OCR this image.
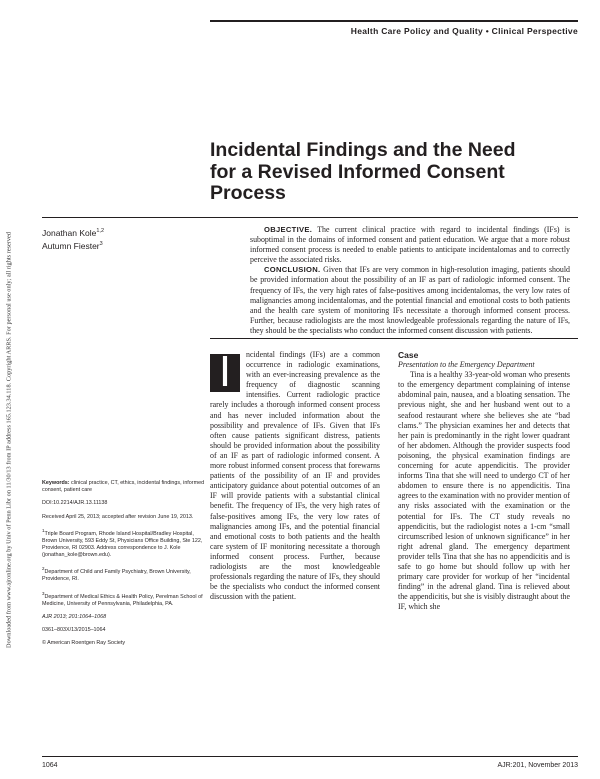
Health Care Policy and Quality • Clinical Perspective
Downloaded from www.ajronline.org by Univ of Penn Libr on 11/30/13 from IP address 165.123.34.118. Copyright ARRS. For personal use only; all rights reserved
Incidental Findings and the Need for a Revised Informed Consent Process
Jonathan Kole$^{1,2}$
Autumn Fiester$^3$

OBJECTIVE. The current clinical practice with regard to incidental findings (IFs) is suboptimal in the domains of informed consent and patient education. We argue that a more robust informed consent process is needed to enable patients to anticipate incidentalomas and to correctly perceive the associated risks.

CONCLUSION. Given that IFs are very common in high-resolution imaging, patients should be provided information about the possibility of an IF as part of radiologic informed consent. The frequency of IFs, the very high rates of false-positives among incidentalomas, the very low rates of malignancies among incidentalomas, and the potential financial and emotional costs to both patients and the health care system of monitoring IFs necessitate a thorough informed consent process. Further, because radiologists are the most knowledgeable professionals regarding the nature of IFs, they should be the specialists who conduct the informed consent discussion with patients.

Keywords: clinical practice, CT, ethics, incidental findings, informed consent, patient care

DOI:10.2214/AJR.13.11138

Received April 25, 2013; accepted after revision June 19, 2013.

$^1$Triple Board Program, Rhode Island Hospital/Bradley Hospital, Brown University, 593 Eddy St, Physicians Office Building, Ste 122, Providence, RI 02903. Address correspondence to J. Kole (jonathan_kole@brown.edu).

$^2$Department of Child and Family Psychiatry, Brown University, Providence, RI.

$^3$Department of Medical Ethics & Health Policy, Perelman School of Medicine, University of Pennsylvania, Philadelphia, PA.

AJR 2013; 201:1064–1068

0361–803X/13/2015–1064

© American Roentgen Ray Society

I	ncidental findings (IFs) are a common occurrence in radiologic examinations, with an ever-increasing prevalence as the frequency of diagnostic scanning intensifies. Current radiologic practice rarely includes a thorough informed consent process and has never included information about the possibility and prevalence of IFs. Given that IFs often cause patients significant distress, patients should be provided information about the possibility of an IF as part of radiologic informed consent. A more robust informed consent process that forewarns patients of the possibility of an IF and provides anticipatory guidance about potential outcomes of an IF will provide patients with a substantial clinical benefit. The frequency of IFs, the very high rates of false-positives among IFs, the very low rates of malignancies among IFs, and the potential financial and emotional costs to both patients and the health care system of IF monitoring necessitate a thorough informed consent process. Further, because radiologists are the most knowledgeable professionals regarding the nature of IFs, they should be the specialists who conduct the informed consent discussion with the patient.

Case

Presentation to the Emergency Department

Tina is a healthy 33-year-old woman who presents to the emergency department complaining of intense abdominal pain, nausea, and a bloating sensation. The previous night, she and her husband went out to a seafood restaurant where she believes she ate “bad clams.” The physician examines her and detects that her pain is predominantly in the right lower quadrant of her abdomen. Although the provider suspects food poisoning, the physical examination findings are concerning for acute appendicitis. The provider informs Tina that she will need to undergo CT of her abdomen to ensure there is no appendicitis. Tina agrees to the examination with no provider mention of any risks associated with the examination or the potential for IFs. The CT study reveals no appendicitis, but the radiologist notes a 1-cm “small circumscribed lesion of unknown significance” in her right adrenal gland. The emergency department provider tells Tina that she has no appendicitis and is safe to go home but should follow up with her primary care provider for workup of her “incidental finding” in the adrenal gland. Tina is relieved about the appendicitis, but she is visibly distraught about the IF, which she

1064	AJR:201, November 2013
